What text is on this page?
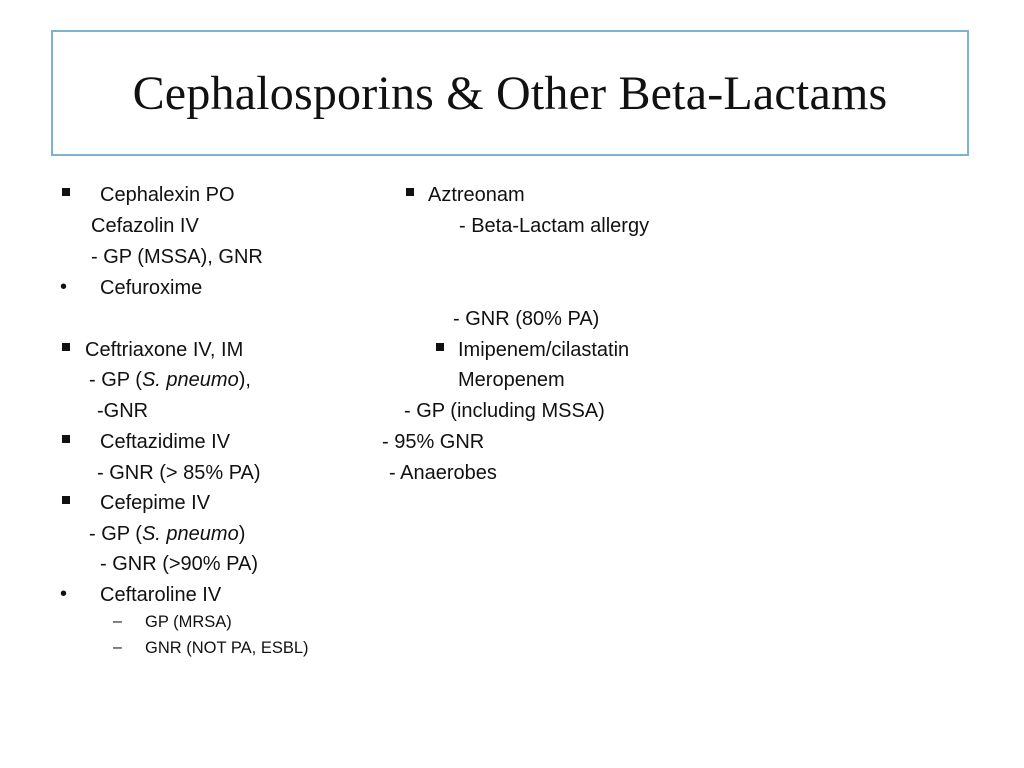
Cephalosporins & Other Beta-Lactams
Cephalexin PO
Cefazolin IV
- GP (MSSA), GNR
• Cefuroxime
Ceftriaxone IV, IM
- GP (S. pneumo),
-GNR
Ceftazidime IV
- GNR (> 85% PA)
Cefepime IV
- GP (S. pneumo)
- GNR (>90% PA)
• Ceftaroline IV
– GP (MRSA)
– GNR (NOT PA, ESBL)
Aztreonam
- Beta-Lactam allergy
- GNR (80% PA)
Imipenem/cilastatin
Meropenem
- GP (including MSSA)
- 95% GNR
- Anaerobes
